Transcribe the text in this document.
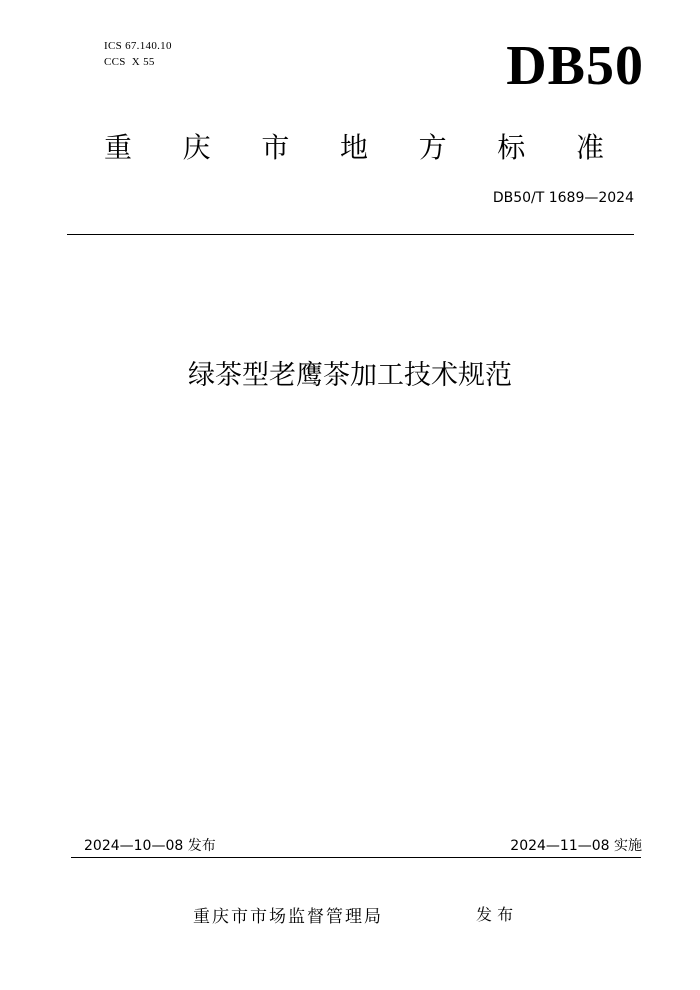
ICS 67.140.10
CCS  X 55	DB50
重 庆 市 地 方 标 准
DB50/T 1689—2024
绿茶型老鹰茶加工技术规范
2024—10—08 发布	2024—11—08 实施
重庆市市场监督管理局	发 布
